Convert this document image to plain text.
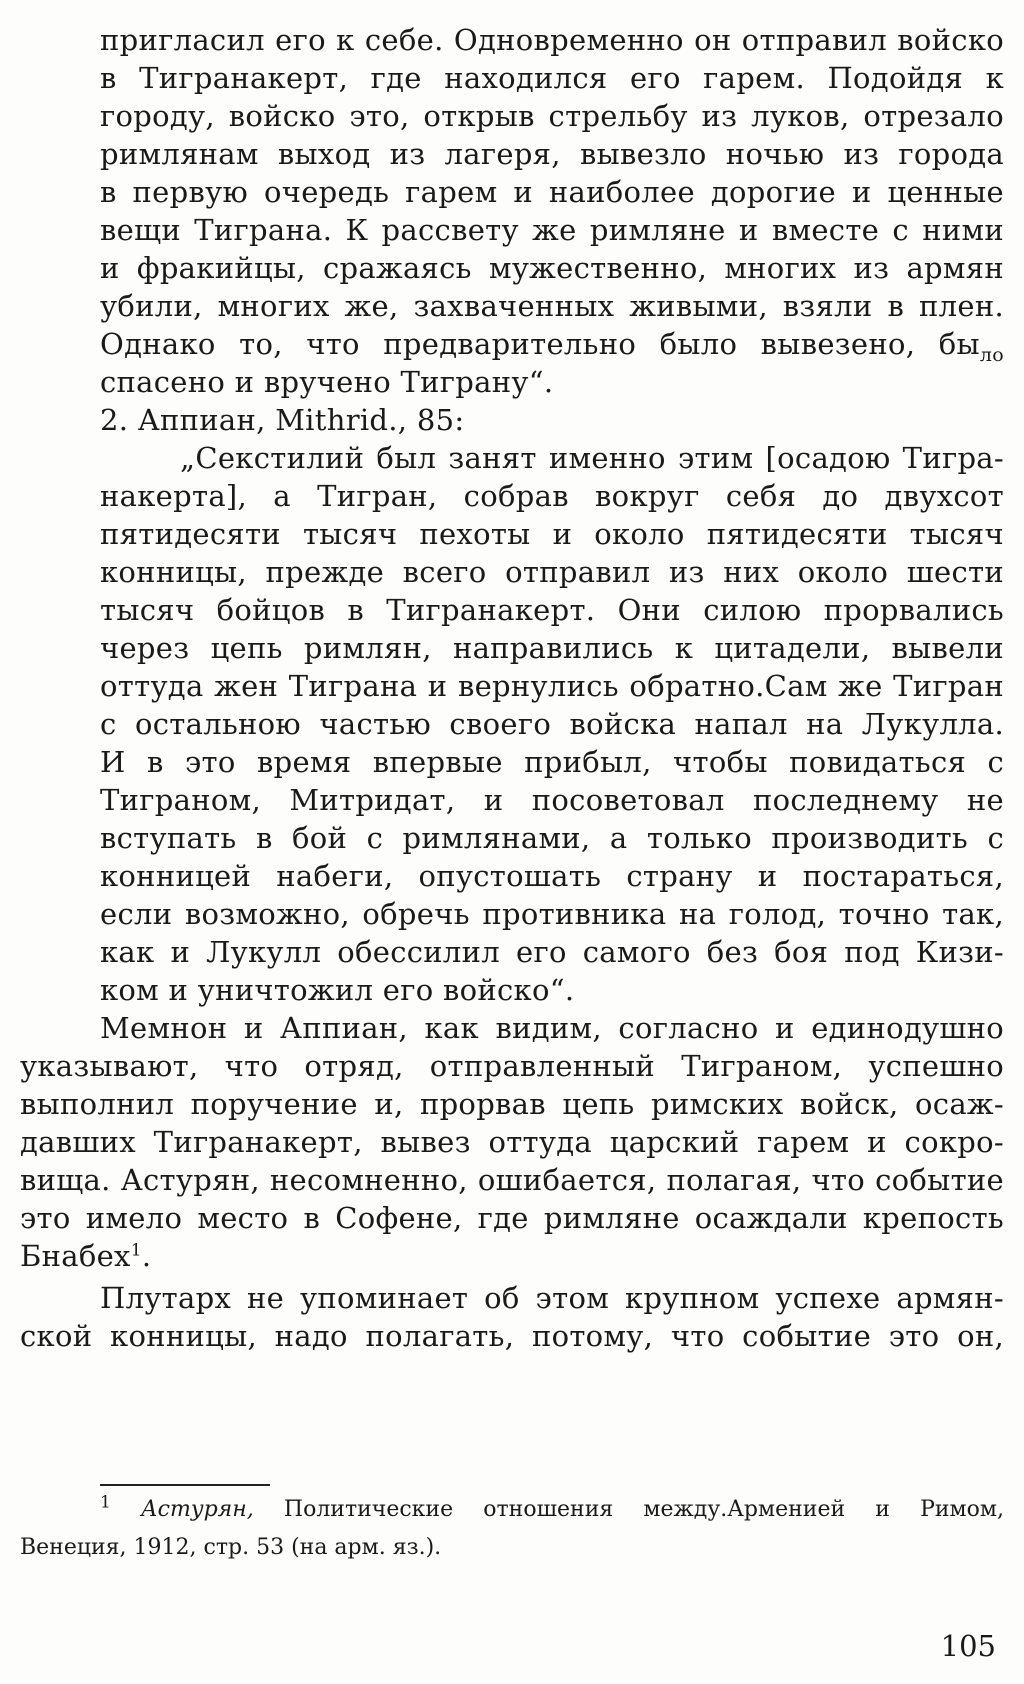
пригласил его к себе. Одновременно он отправил войско

в Тигранакерт, где находился его гарем. Подойдя к

городу, войско это, открыв стрельбу из луков, отрезало

римлянам выход из лагеря, вывезло ночью из города

в первую очередь гарем и наиболее дорогие и ценные

вещи Тиграна. К рассвету же римляне и вместе с ними

и фракийцы, сражаясь мужественно, многих из армян

убили, многих же, захваченных живыми, взяли в плен.

Однако то, что предварительно было вывезено, $бы_{ло}$

спасено и вручено Тиграну“.

2. Аппиан, Mithrid., 85:

„Секстилий был занят именно этим [осадою Тигра-

накерта], а Тигран, собрав вокруг себя до двухсот

пятидесяти тысяч пехоты и около пятидесяти тысяч

конницы, прежде всего отправил из них около шести

тысяч бойцов в Тигранакерт. Они силою прорвались

через цепь римлян, направились к цитадели, вывели

оттуда жен Тиграна и вернулись обратно.Сам же Тигран

с остальною частью своего войска напал на Лукулла.

И в это время впервые прибыл, чтобы повидаться с

Тиграном, Митридат, и посоветовал последнему не

вступать в бой с римлянами, а только производить с

конницей набеги, опустошать страну и постараться,

если возможно, обречь противника на голод, точно так,

как и Лукулл обессилил его самого без боя под Кизи-

ком и уничтожил его войско“.

Мемнон и Аппиан, как видим, согласно и единодушно

указывают, что отряд, отправленный Тиграном, успешно

выполнил поручение и, прорвав цепь римских войск, осаж-

давших Тигранакерт, вывез оттуда царский гарем и сокро-

вища. Астурян, несомненно, ошибается, полагая, что событие

это имело место в Софене, где римляне осаждали крепость

Бнабех$^1$.

Плутарх не упоминает об этом крупном успехе армян-

ской конницы, надо полагать, потому, что событие это он,

$^1$ Астурян, Политические отношения между.Арменией и Римом,

Венеция, 1912, стр. 53 (на арм. яз.).

105
